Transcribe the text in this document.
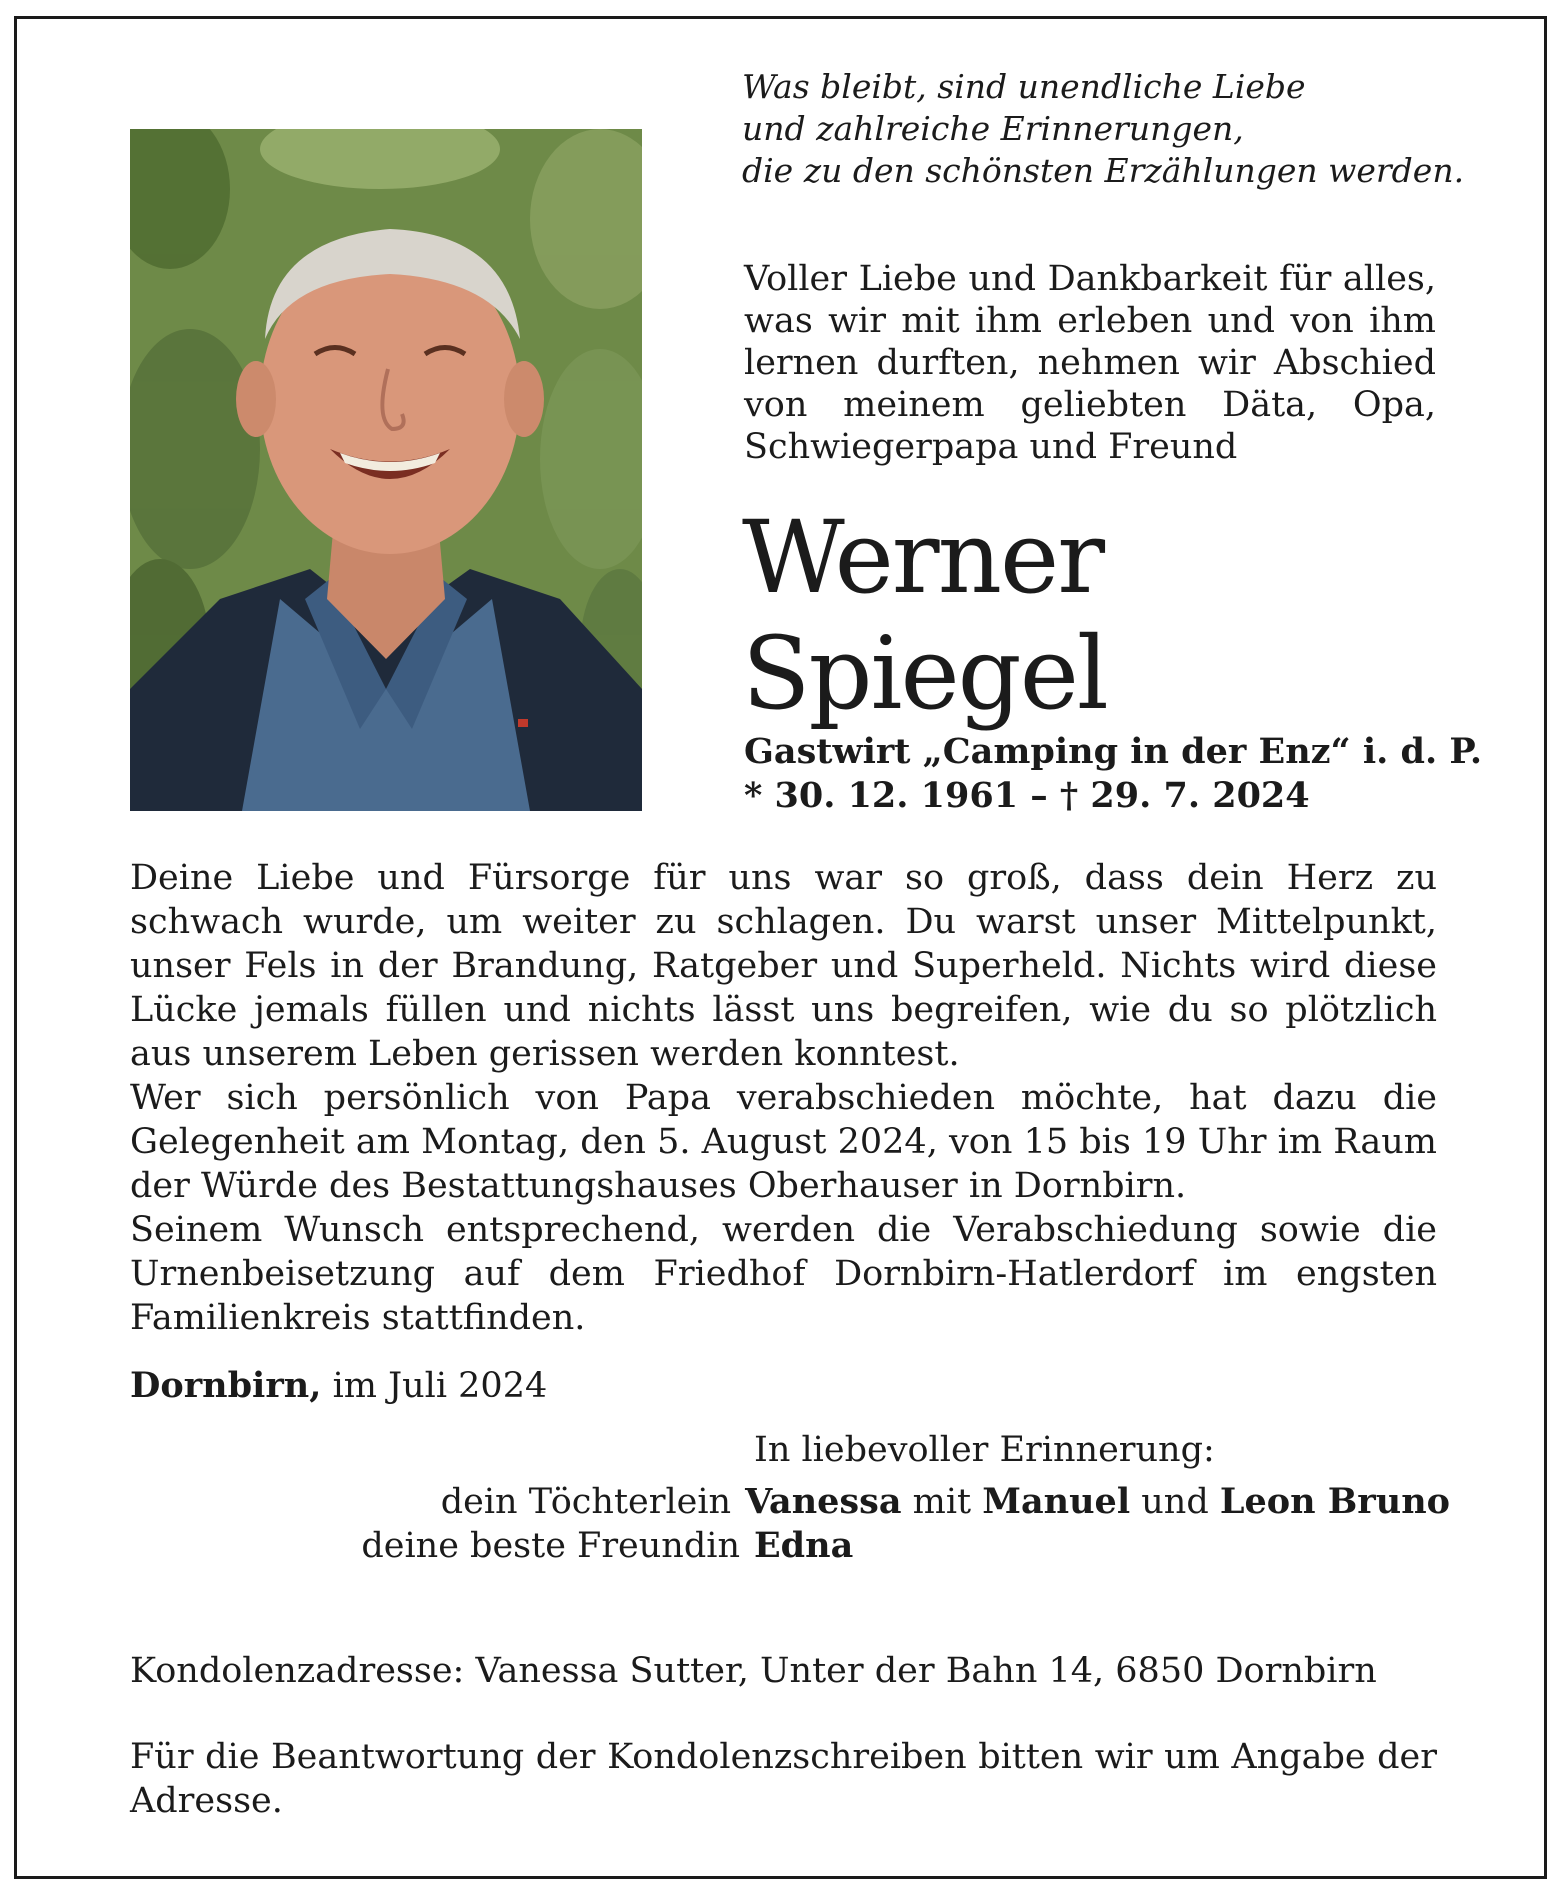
Was bleibt, sind unendliche Liebe
und zahlreiche Erinnerungen,
die zu den schönsten Erzählungen werden.
Voller Liebe und Dankbarkeit für alles, was wir mit ihm erleben und von ihm lernen durften, nehmen wir Abschied von meinem geliebten Däta, Opa, Schwiegerpapa und Freund
Werner
Spiegel
Gastwirt „Camping in der Enz“ i. d. P.
* 30. 12. 1961 – † 29. 7. 2024

Deine Liebe und Fürsorge für uns war so groß, dass dein Herz zu schwach wurde, um weiter zu schlagen. Du warst unser Mittelpunkt, unser Fels in der Brandung, Ratgeber und Superheld. Nichts wird diese Lücke jemals füllen und nichts lässt uns begreifen, wie du so plötzlich aus unserem Leben gerissen werden konntest.

Wer sich persönlich von Papa verabschieden möchte, hat dazu die Gelegenheit am Montag, den 5. August 2024, von 15 bis 19 Uhr im Raum der Würde des Bestattungshauses Oberhauser in Dornbirn.

Seinem Wunsch entsprechend, werden die Verabschiedung sowie die Urnenbeisetzung auf dem Friedhof Dornbirn-Hatlerdorf im engsten Familienkreis stattfinden.

Dornbirn, im Juli 2024
In liebevoller Erinnerung:
dein Töchterlein Vanessa mit Manuel und Leon Bruno
deine beste Freundin Edna
Kondolenzadresse: Vanessa Sutter, Unter der Bahn 14, 6850 Dornbirn
Für die Beantwortung der Kondolenzschreiben bitten wir um Angabe der Adresse.
